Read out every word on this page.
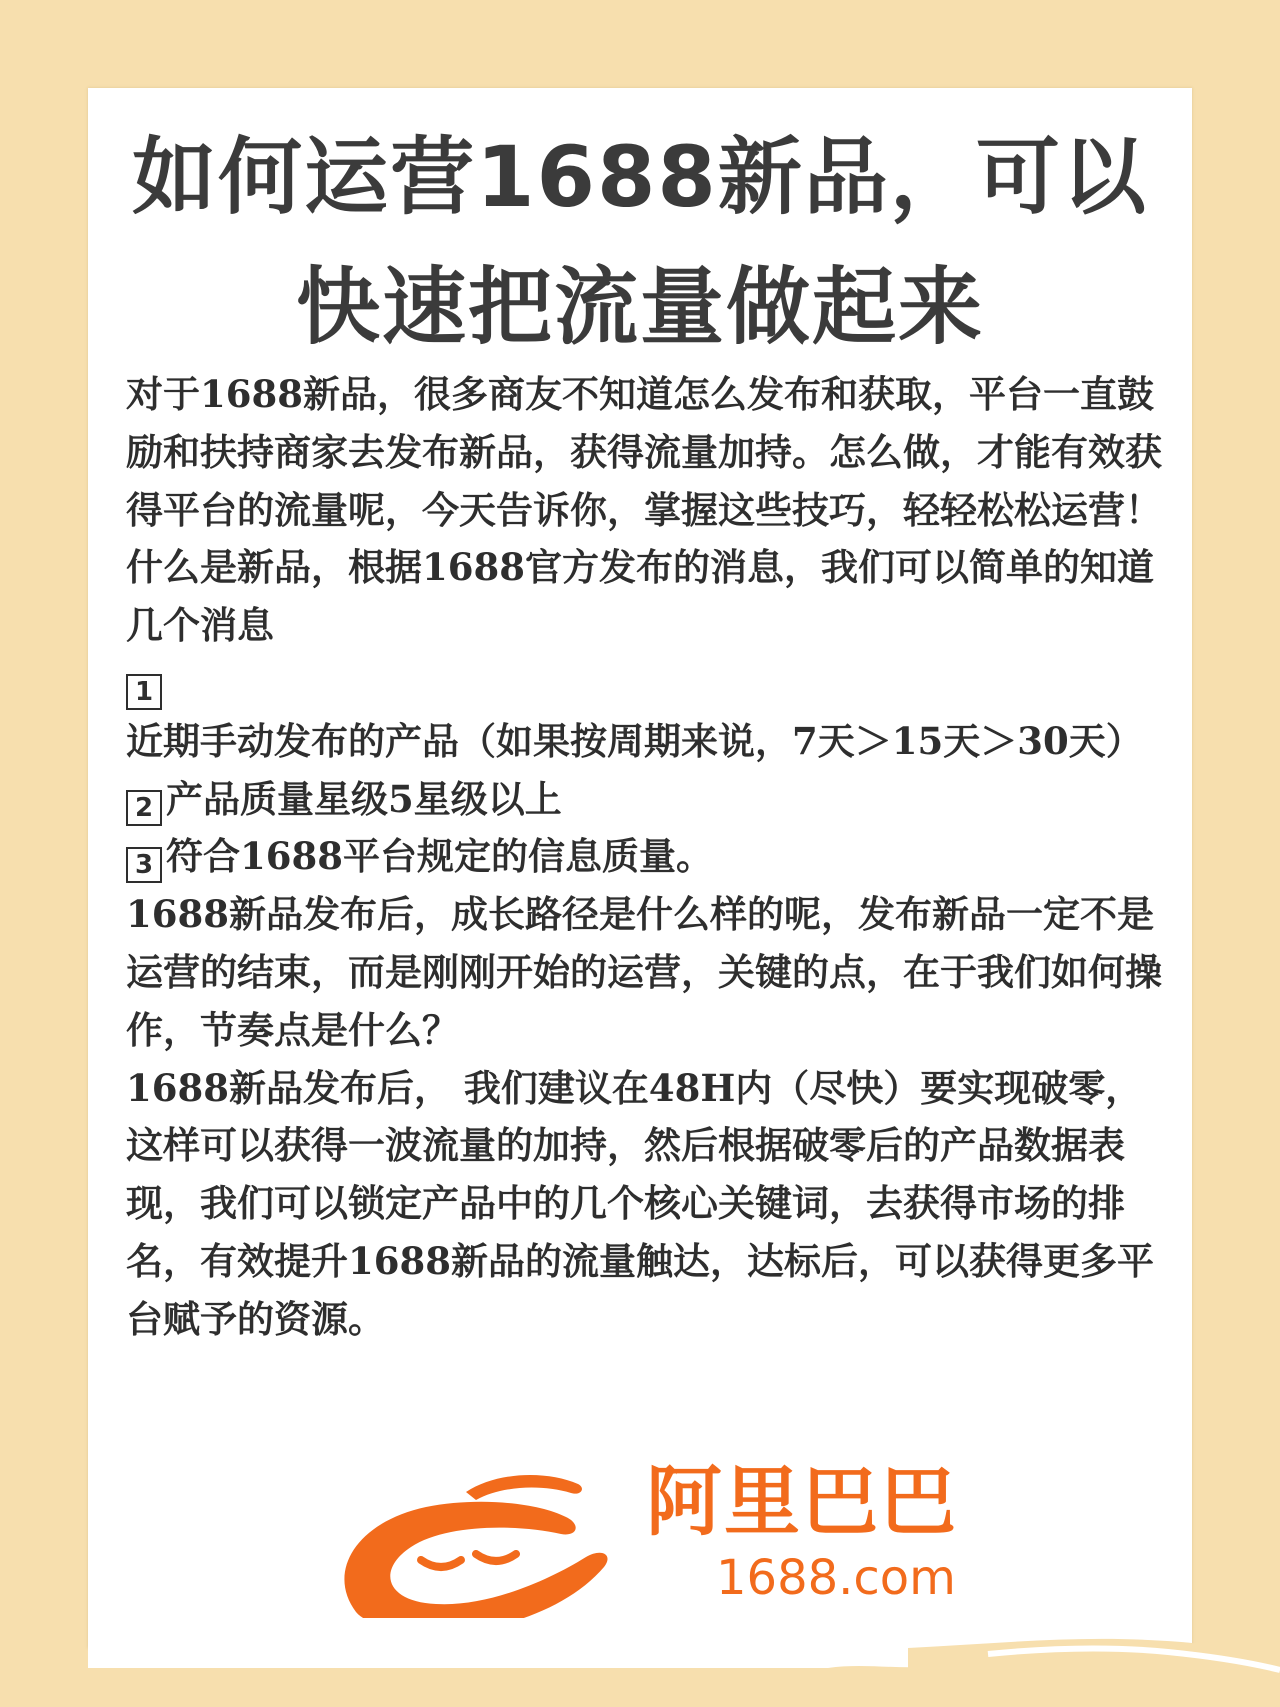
如何运营1688新品，可以
快速把流量做起来

对于1688新品，很多商友不知道怎么发布和获取，平台一直鼓励和扶持商家去发布新品，获得流量加持。怎么做，才能有效获得平台的流量呢，今天告诉你，掌握这些技巧，轻轻松松运营！

什么是新品，根据1688官方发布的消息，我们可以简单的知道几个消息

1近期手动发布的产品（如果按周期来说，7天＞15天＞30天）

2 产品质量星级5星级以上

3 符合1688平台规定的信息质量。

1688新品发布后，成长路径是什么样的呢，发布新品一定不是运营的结束，而是刚刚开始的运营，关键的点，在于我们如何操作，节奏点是什么？

1688新品发布后， 我们建议在48H内（尽快）要实现破零，这样可以获得一波流量的加持，然后根据破零后的产品数据表现，我们可以锁定产品中的几个核心关键词，去获得市场的排名，有效提升1688新品的流量触达，达标后，可以获得更多平台赋予的资源。

阿里巴巴
1688.com
